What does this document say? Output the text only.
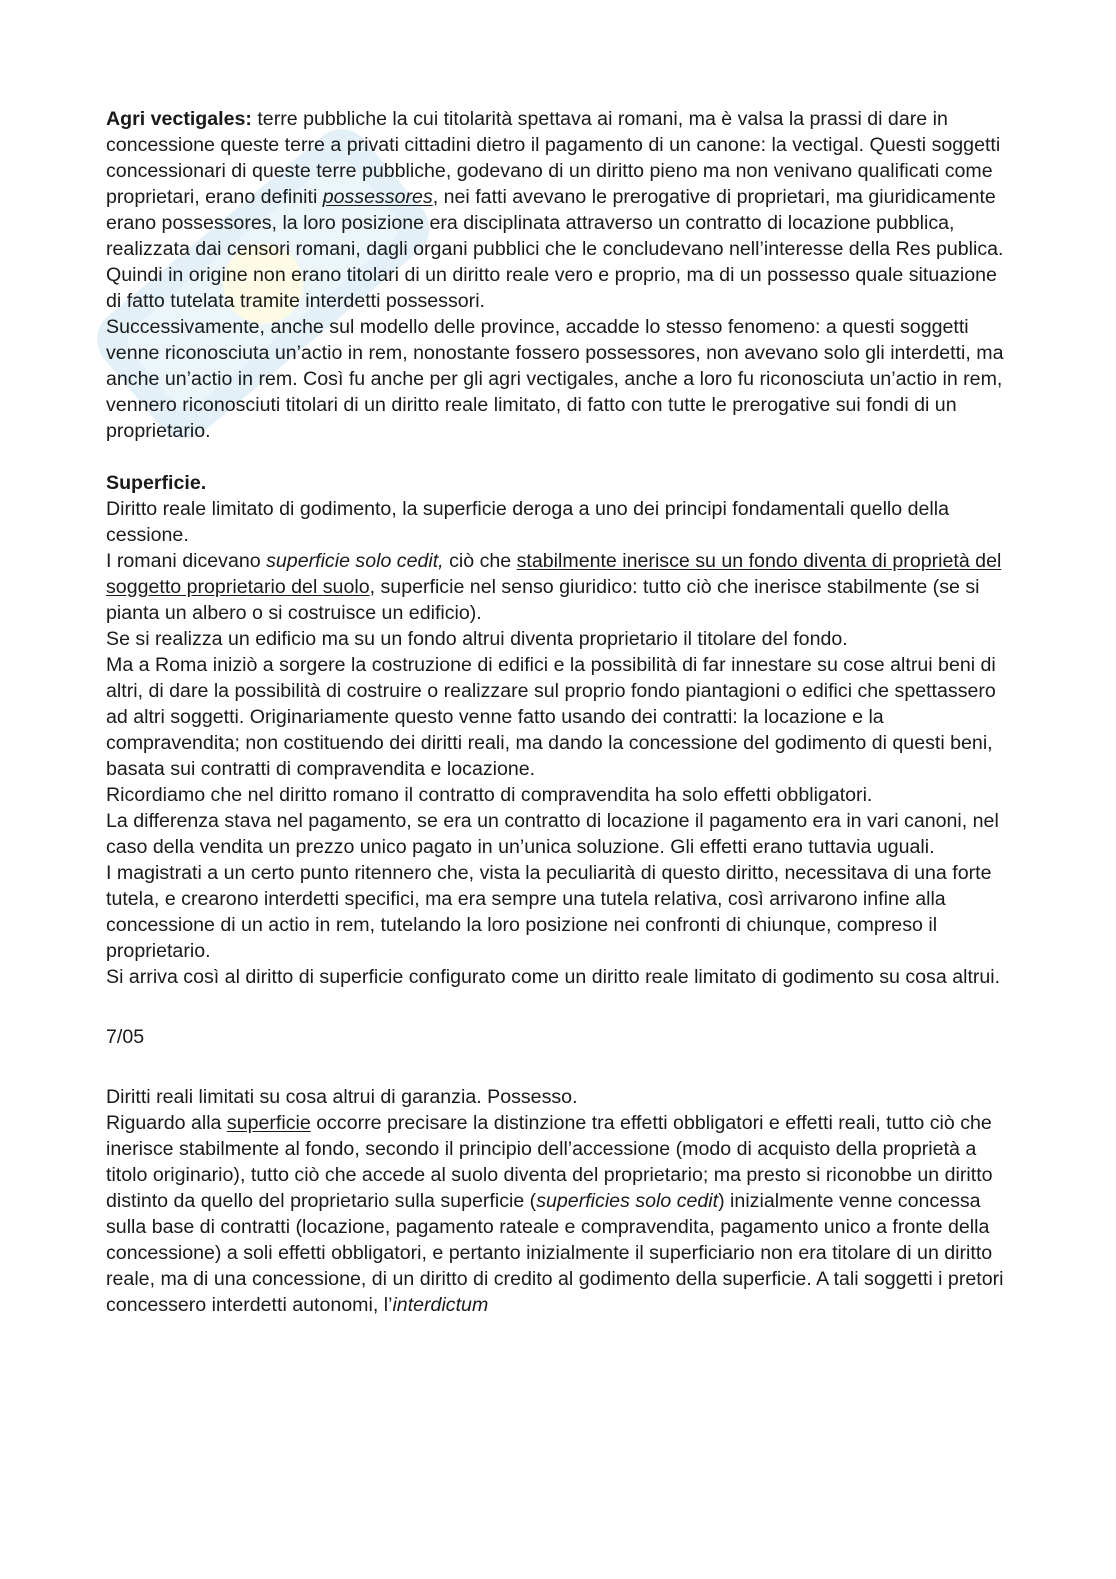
Agri vectigales: terre pubbliche la cui titolarità spettava ai romani, ma è valsa la prassi di dare in concessione queste terre a privati cittadini dietro il pagamento di un canone: la vectigal. Questi soggetti concessionari di queste terre pubbliche, godevano di un diritto pieno ma non venivano qualificati come proprietari, erano definiti possessores, nei fatti avevano le prerogative di proprietari, ma giuridicamente erano possessores, la loro posizione era disciplinata attraverso un contratto di locazione pubblica, realizzata dai censori romani, dagli organi pubblici che le concludevano nell’interesse della Res publica. Quindi in origine non erano titolari di un diritto reale vero e proprio, ma di un possesso quale situazione di fatto tutelata tramite interdetti possessori.

Successivamente, anche sul modello delle province, accadde lo stesso fenomeno: a questi soggetti venne riconosciuta un’actio in rem, nonostante fossero possessores, non avevano solo gli interdetti, ma anche un’actio in rem. Così fu anche per gli agri vectigales, anche a loro fu riconosciuta un’actio in rem, vennero riconosciuti titolari di un diritto reale limitato, di fatto con tutte le prerogative sui fondi di un proprietario.

Superficie.

Diritto reale limitato di godimento, la superficie deroga a uno dei principi fondamentali quello della cessione.

I romani dicevano superficie solo cedit, ciò che stabilmente inerisce su un fondo diventa di proprietà del soggetto proprietario del suolo, superficie nel senso giuridico: tutto ciò che inerisce stabilmente (se si pianta un albero o si costruisce un edificio).

Se si realizza un edificio ma su un fondo altrui diventa proprietario il titolare del fondo.

Ma a Roma iniziò a sorgere la costruzione di edifici e la possibilità di far innestare su cose altrui beni di altri, di dare la possibilità di costruire o realizzare sul proprio fondo piantagioni o edifici che spettassero ad altri soggetti. Originariamente questo venne fatto usando dei contratti: la locazione e la compravendita; non costituendo dei diritti reali, ma dando la concessione del godimento di questi beni, basata sui contratti di compravendita e locazione.

Ricordiamo che nel diritto romano il contratto di compravendita ha solo effetti obbligatori.

La differenza stava nel pagamento, se era un contratto di locazione il pagamento era in vari canoni, nel caso della vendita un prezzo unico pagato in un’unica soluzione. Gli effetti erano tuttavia uguali.

I magistrati a un certo punto ritennero che, vista la peculiarità di questo diritto, necessitava di una forte tutela, e crearono interdetti specifici, ma era sempre una tutela relativa, così arrivarono infine alla concessione di un actio in rem, tutelando la loro posizione nei confronti di chiunque, compreso il proprietario.

Si arriva così al diritto di superficie configurato come un diritto reale limitato di godimento su cosa altrui.

7/05

Diritti reali limitati su cosa altrui di garanzia. Possesso.

Riguardo alla superficie occorre precisare la distinzione tra effetti obbligatori e effetti reali, tutto ciò che inerisce stabilmente al fondo, secondo il principio dell’accessione (modo di acquisto della proprietà a titolo originario), tutto ciò che accede al suolo diventa del proprietario; ma presto si riconobbe un diritto distinto da quello del proprietario sulla superficie (superficies solo cedit) inizialmente venne concessa sulla base di contratti (locazione, pagamento rateale e compravendita, pagamento unico a fronte della concessione) a soli effetti obbligatori, e pertanto inizialmente il superficiario non era titolare di un diritto reale, ma di una concessione, di un diritto di credito al godimento della superficie. A tali soggetti i pretori concessero interdetti autonomi, l’interdictum
